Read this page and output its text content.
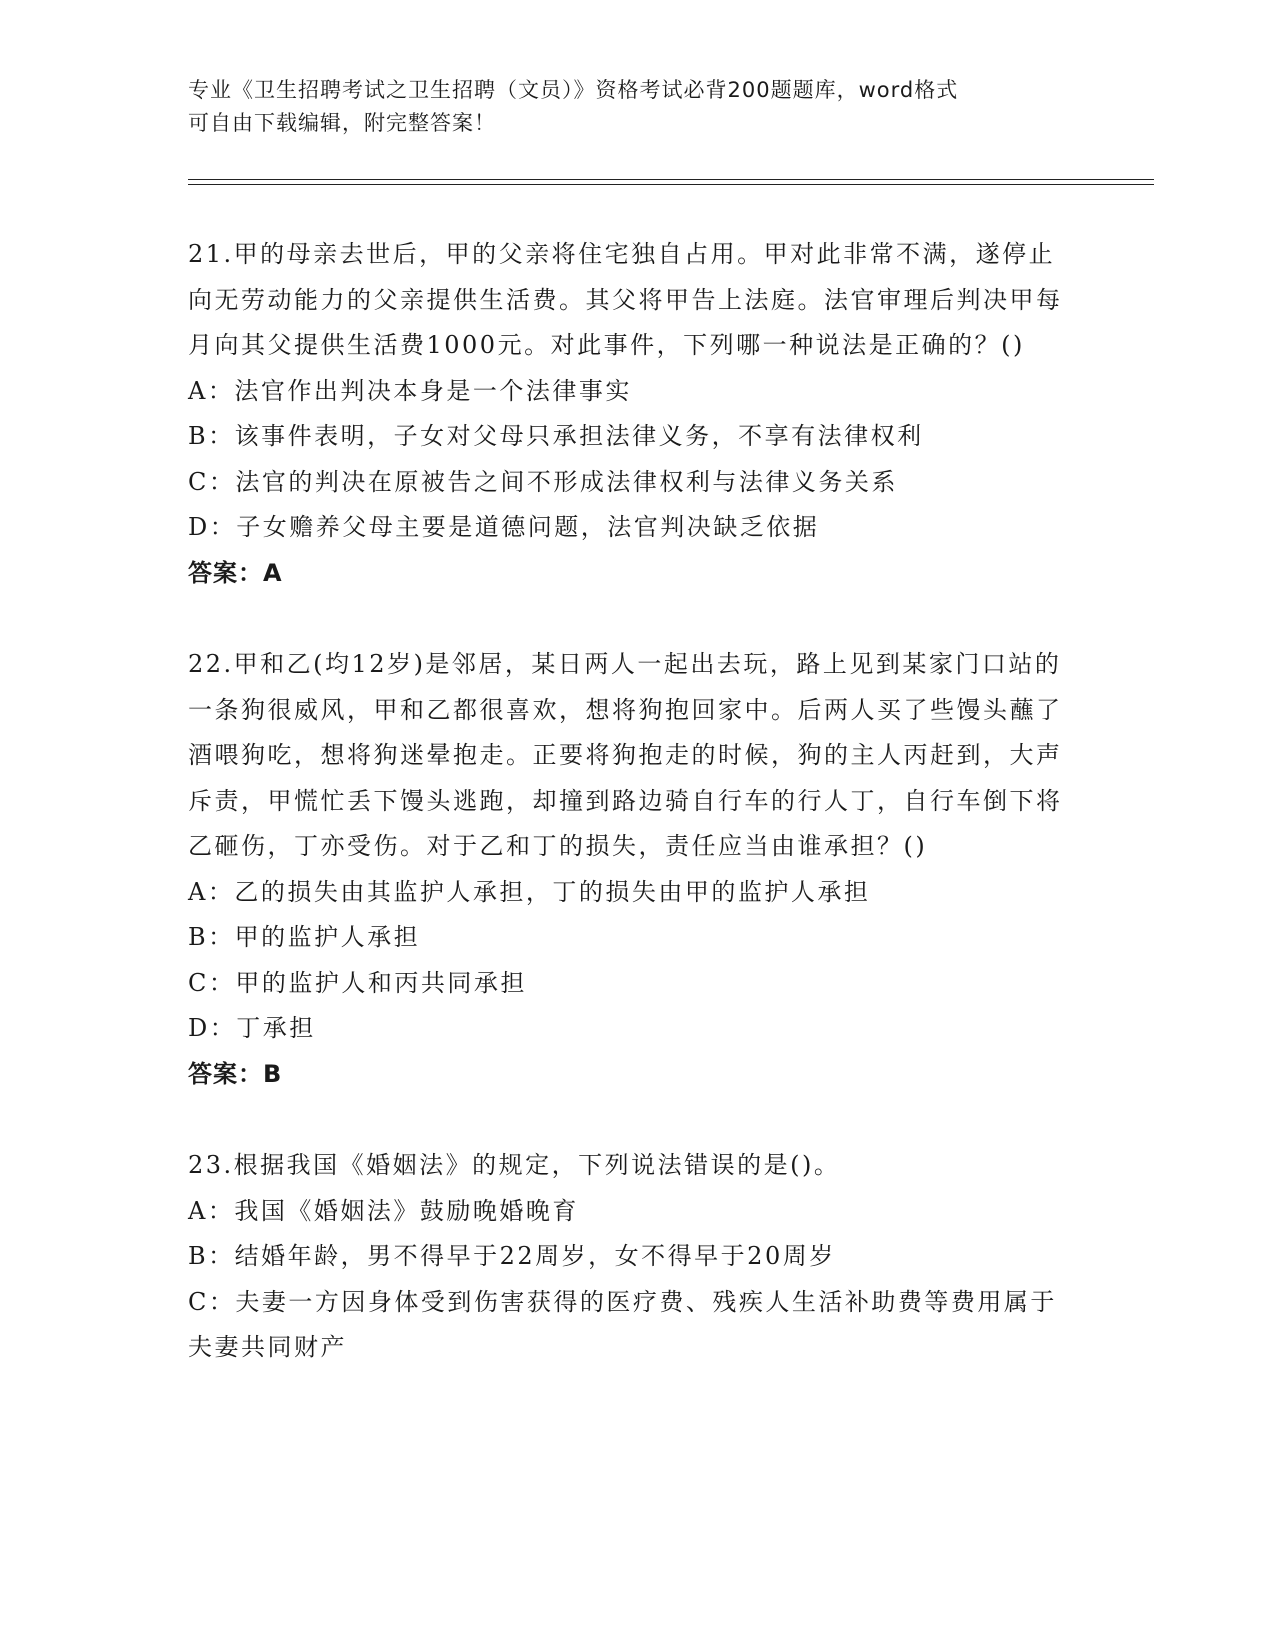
专业《卫生招聘考试之卫生招聘（文员）》资格考试必背200题题库，word格式
可自由下载编辑，附完整答案！

21.甲的母亲去世后，甲的父亲将住宅独自占用。甲对此非常不满，遂停止向无劳动能力的父亲提供生活费。其父将甲告上法庭。法官审理后判决甲每月向其父提供生活费1000元。对此事件，下列哪一种说法是正确的？()

A：法官作出判决本身是一个法律事实

B：该事件表明，子女对父母只承担法律义务，不享有法律权利

C：法官的判决在原被告之间不形成法律权利与法律义务关系

D：子女赡养父母主要是道德问题，法官判决缺乏依据

答案：A

22.甲和乙(均12岁)是邻居，某日两人一起出去玩，路上见到某家门口站的一条狗很威风，甲和乙都很喜欢，想将狗抱回家中。后两人买了些馒头蘸了酒喂狗吃，想将狗迷晕抱走。正要将狗抱走的时候，狗的主人丙赶到，大声斥责，甲慌忙丢下馒头逃跑，却撞到路边骑自行车的行人丁，自行车倒下将乙砸伤，丁亦受伤。对于乙和丁的损失，责任应当由谁承担？()

A：乙的损失由其监护人承担，丁的损失由甲的监护人承担

B：甲的监护人承担

C：甲的监护人和丙共同承担

D：丁承担

答案：B

23.根据我国《婚姻法》的规定，下列说法错误的是()。

A：我国《婚姻法》鼓励晚婚晚育

B：结婚年龄，男不得早于22周岁，女不得早于20周岁

C：夫妻一方因身体受到伤害获得的医疗费、残疾人生活补助费等费用属于夫妻共同财产
